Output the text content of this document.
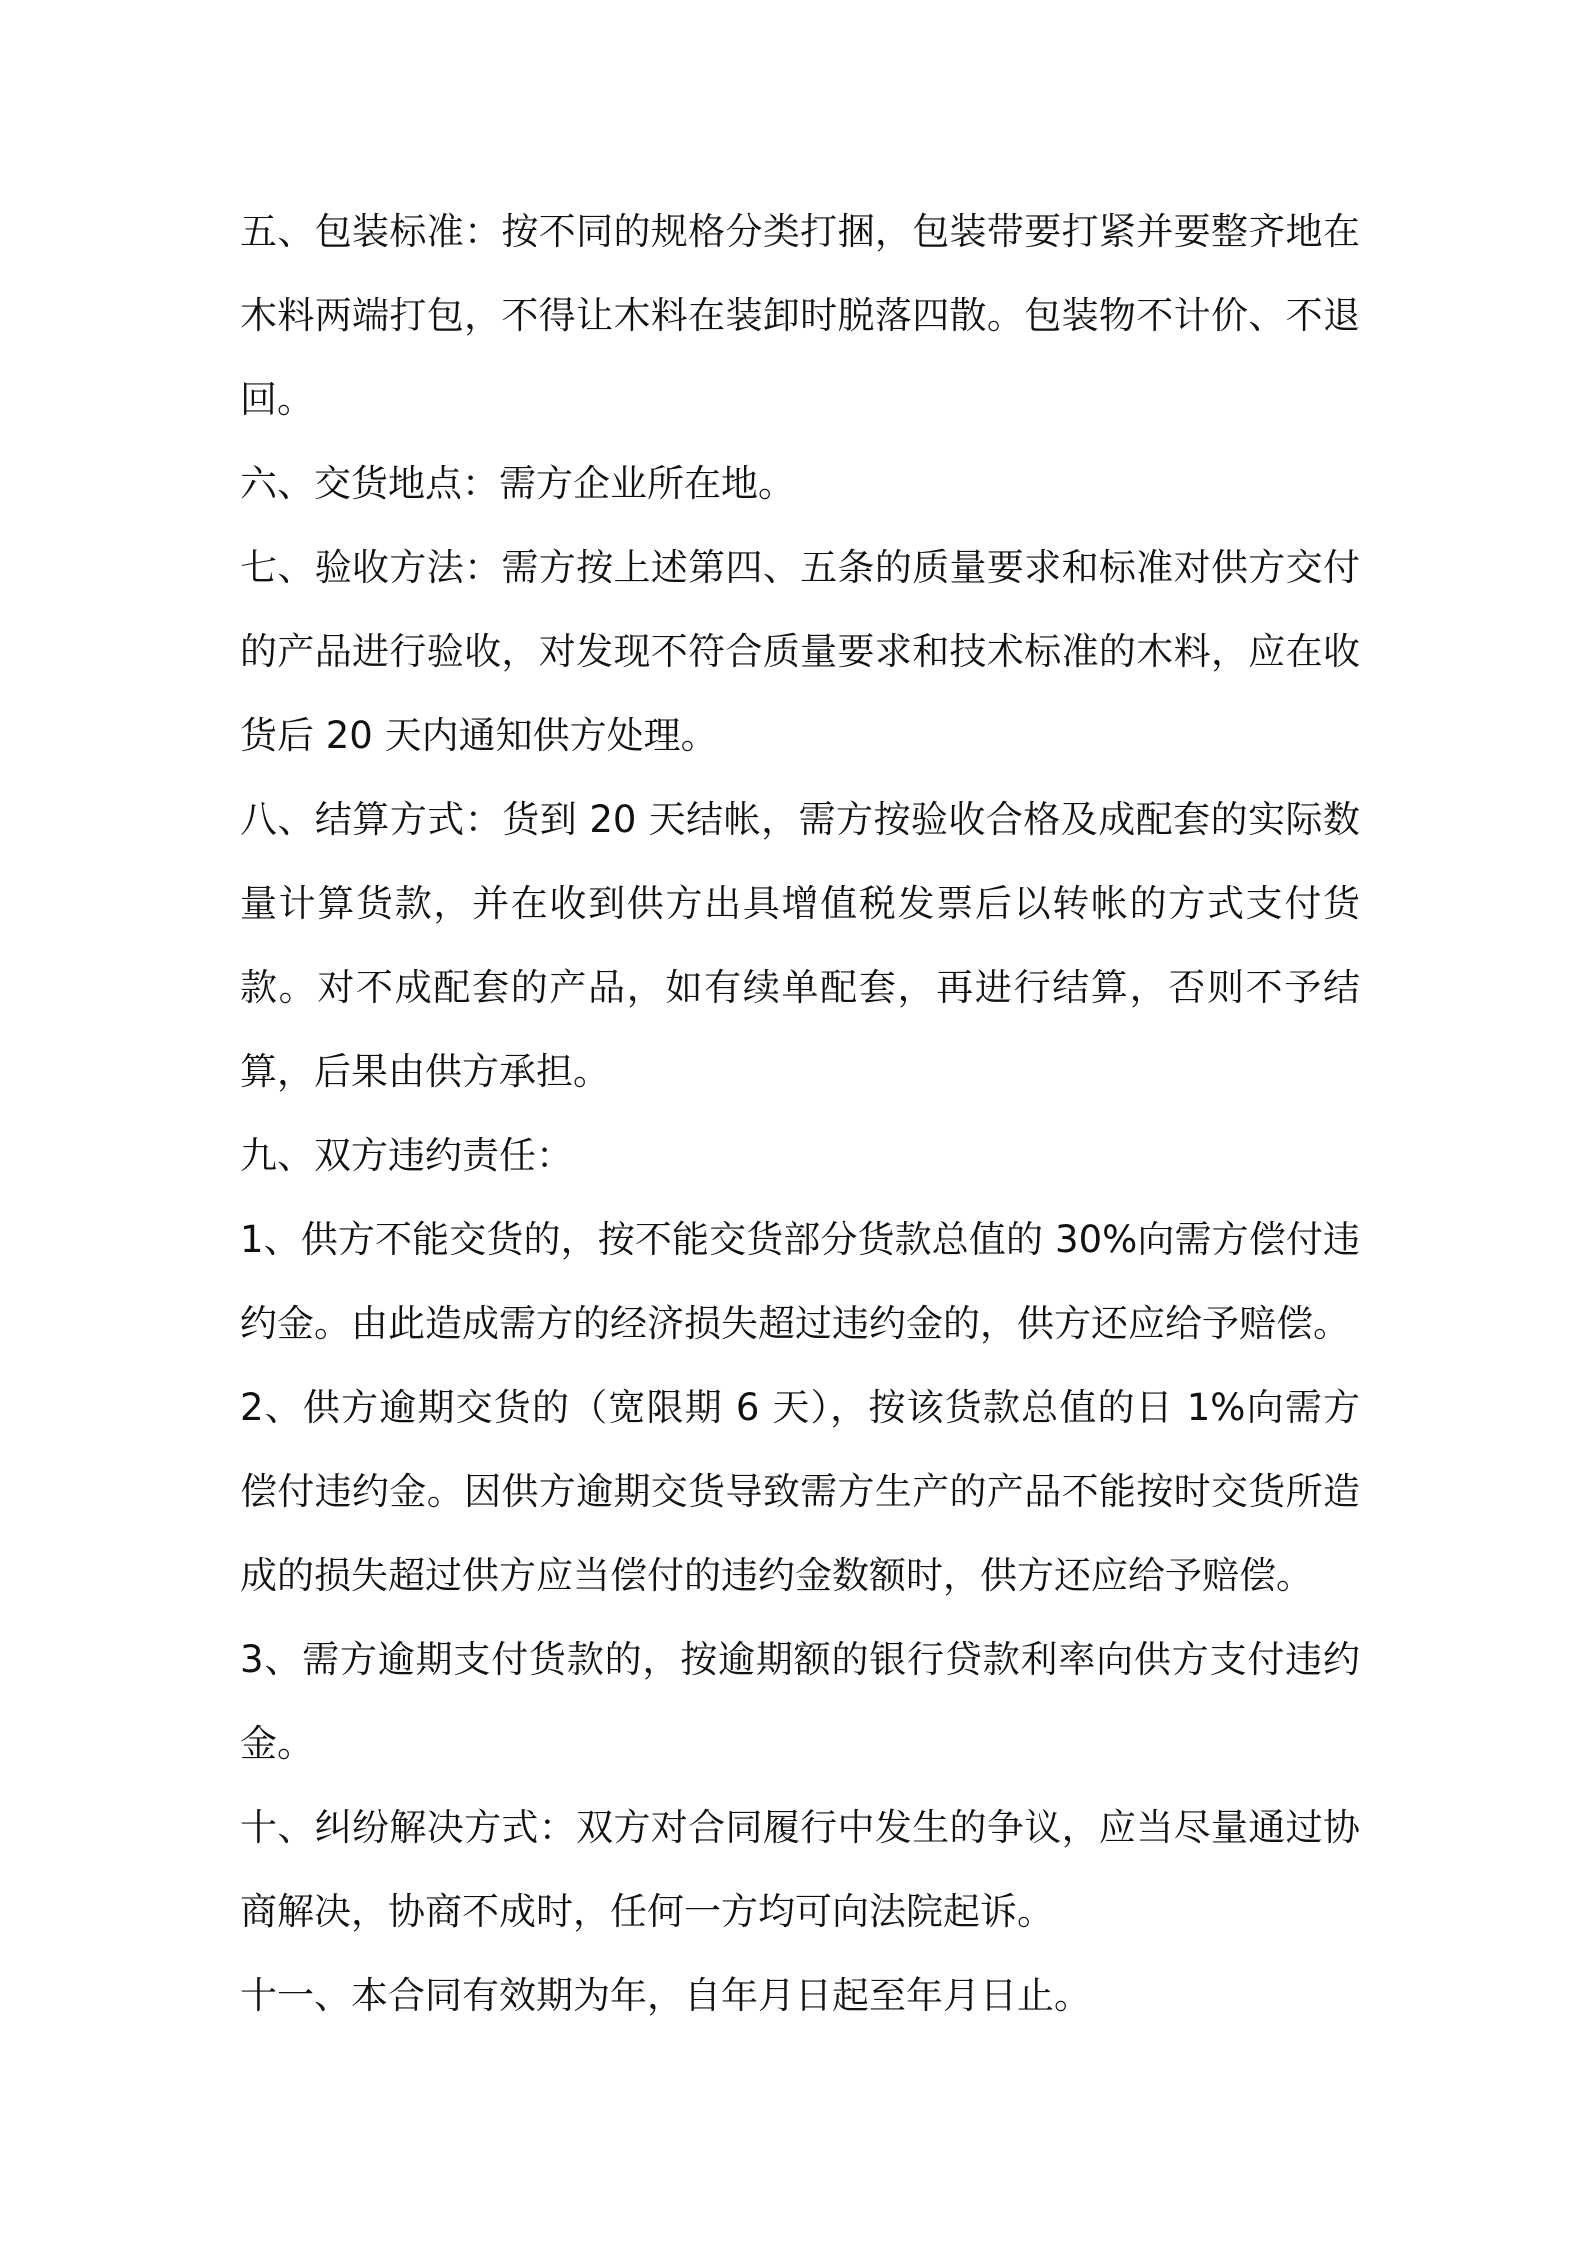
五、包装标准：按不同的规格分类打捆，包装带要打紧并要整齐地在木料两端打包，不得让木料在装卸时脱落四散。包装物不计价、不退回。

六、交货地点：需方企业所在地。

七、验收方法：需方按上述第四、五条的质量要求和标准对供方交付的产品进行验收，对发现不符合质量要求和技术标准的木料，应在收货后 20 天内通知供方处理。

八、结算方式：货到 20 天结帐，需方按验收合格及成配套的实际数量计算货款，并在收到供方出具增值税发票后以转帐的方式支付货款。对不成配套的产品，如有续单配套，再进行结算，否则不予结算，后果由供方承担。

九、双方违约责任：

1、供方不能交货的，按不能交货部分货款总值的 30%向需方偿付违约金。由此造成需方的经济损失超过违约金的，供方还应给予赔偿。

2、供方逾期交货的（宽限期 6 天），按该货款总值的日 1%向需方偿付违约金。因供方逾期交货导致需方生产的产品不能按时交货所造成的损失超过供方应当偿付的违约金数额时，供方还应给予赔偿。

3、需方逾期支付货款的，按逾期额的银行贷款利率向供方支付违约金。

十、纠纷解决方式：双方对合同履行中发生的争议，应当尽量通过协商解决，协商不成时，任何一方均可向法院起诉。

十一、本合同有效期为年，自年月日起至年月日止。
